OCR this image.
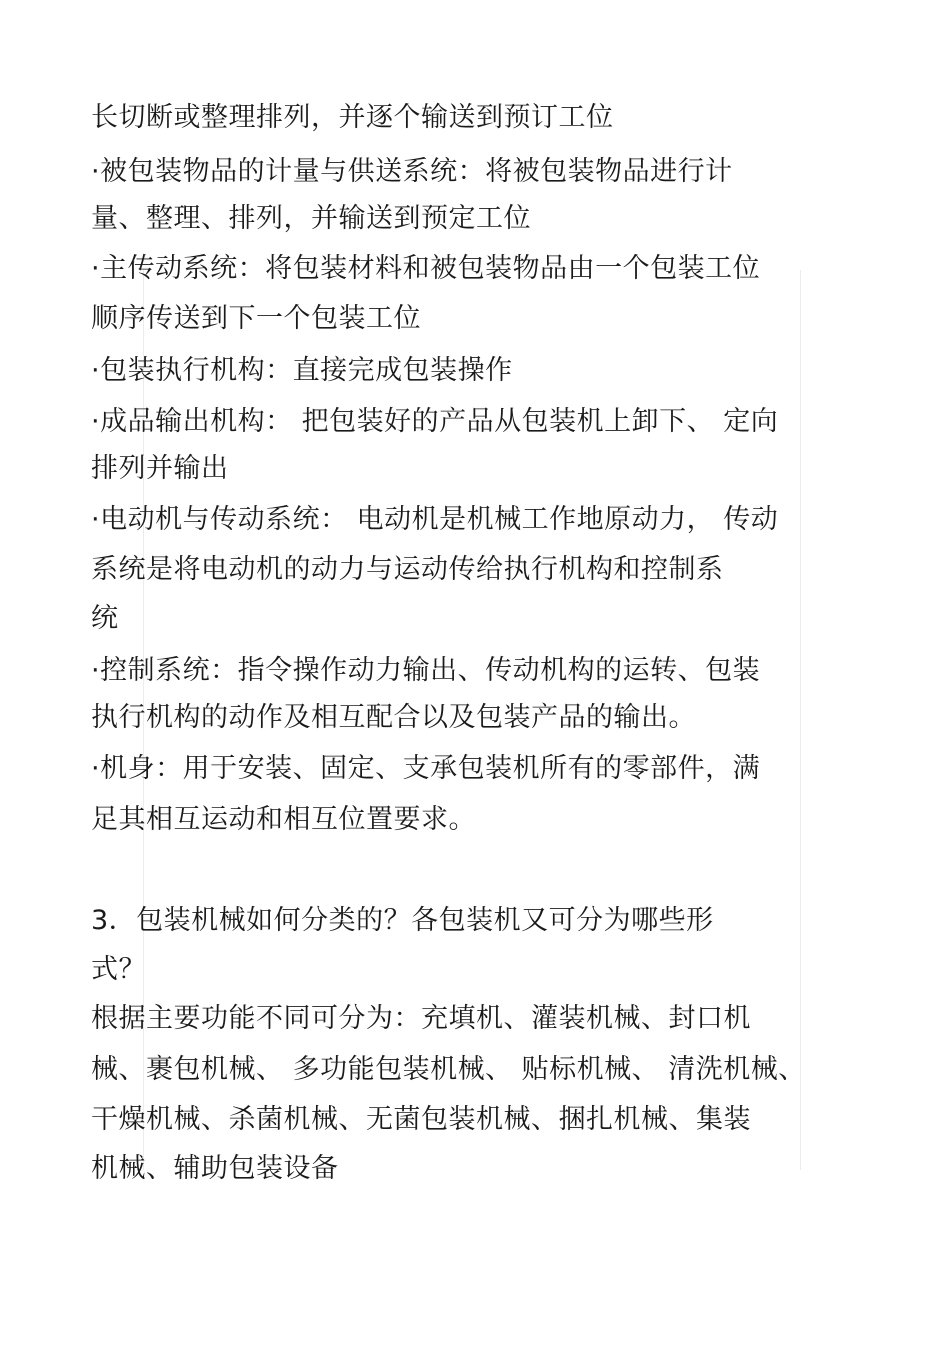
长切断或整理排列，并逐个输送到预订工位

·被包装物品的计量与供送系统：将被包装物品进行计

量、整理、排列，并输送到预定工位

·主传动系统：将包装材料和被包装物品由一个包装工位

顺序传送到下一个包装工位

·包装执行机构：直接完成包装操作

·成品输出机构： 把包装好的产品从包装机上卸下、 定向

排列并输出

·电动机与传动系统： 电动机是机械工作地原动力， 传动

系统是将电动机的动力与运动传给执行机构和控制系

统

·控制系统：指令操作动力输出、传动机构的运转、包装

执行机构的动作及相互配合以及包装产品的输出。

·机身：用于安装、固定、支承包装机所有的零部件，满

足其相互运动和相互位置要求。

3．包装机械如何分类的？各包装机又可分为哪些形

式？

根据主要功能不同可分为：充填机、灌装机械、封口机

械、裹包机械、 多功能包装机械、 贴标机械、 清洗机械、

干燥机械、杀菌机械、无菌包装机械、捆扎机械、集装

机械、辅助包装设备
